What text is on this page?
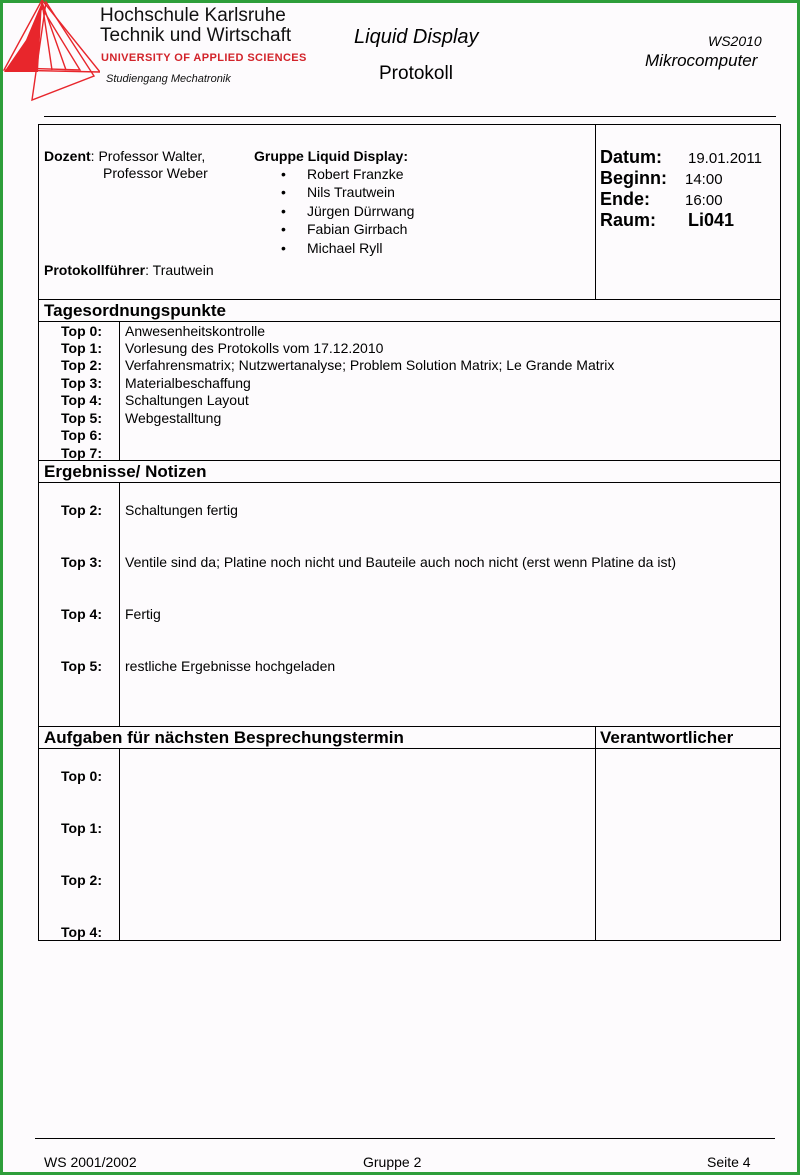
Hochschule Karlsruhe
Technik und Wirtschaft
UNIVERSITY OF APPLIED SCIENCES
Studiengang Mechatronik
Liquid Display
Protokoll
WS2010
Mikrocomputer
Dozent: Professor Walter,
Professor Weber
Gruppe Liquid Display:
• Robert Franzke
• Nils Trautwein
• Jürgen Dürrwang
• Fabian Girrbach
• Michael Ryll
Protokollführer: Trautwein
Datum: 19.01.2011
Beginn: 14:00
Ende: 16:00
Raum: Li041
Tagesordnungspunkte
Top 0: Anwesenheitskontrolle
Top 1: Vorlesung des Protokolls vom 17.12.2010
Top 2: Verfahrensmatrix; Nutzwertanalyse; Problem Solution Matrix; Le Grande Matrix
Top 3: Materialbeschaffung
Top 4: Schaltungen Layout
Top 5: Webgestalltung
Top 6:
Top 7:
Ergebnisse/ Notizen
Top 2: Schaltungen fertig
Top 3: Ventile sind da; Platine noch nicht und Bauteile auch noch nicht (erst wenn Platine da ist)
Top 4: Fertig
Top 5: restliche Ergebnisse hochgeladen
Aufgaben für nächsten Besprechungstermin	Verantwortlicher
Top 0:
Top 1:
Top 2:
Top 4:
WS 2001/2002	Gruppe 2	Seite 4
